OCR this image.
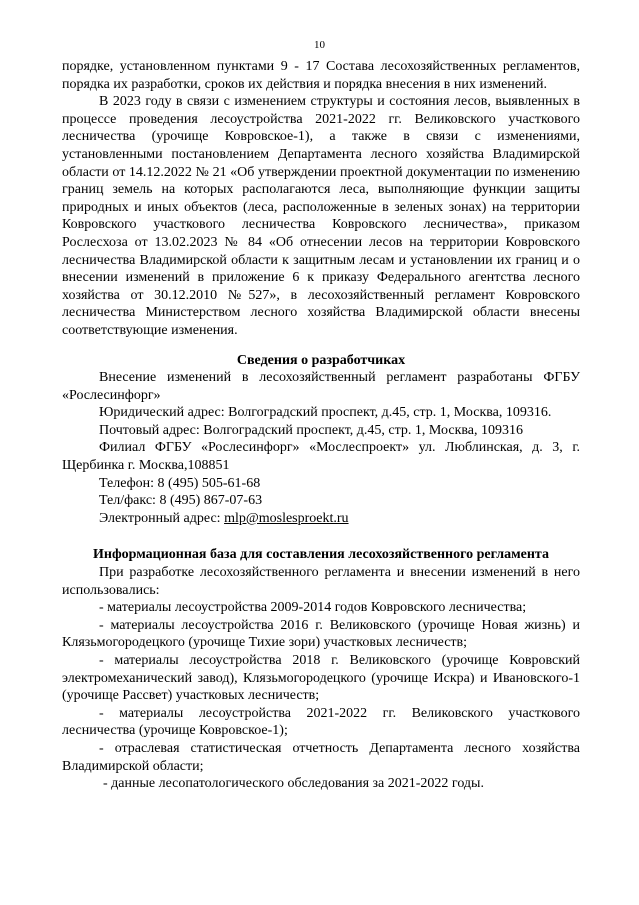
10

порядке, установленном пунктами 9 - 17 Состава лесохозяйственных регламентов, порядка их разработки, сроков их действия и порядка внесения в них изменений.

В 2023 году в связи с изменением структуры и состояния лесов, выявленных в процессе проведения лесоустройства 2021-2022 гг. Великовского участкового лесничества (урочище Ковровское-1), а также в связи с изменениями, установленными постановлением Департамента лесного хозяйства Владимирской области от 14.12.2022 № 21 «Об утверждении проектной документации по изменению границ земель на которых располагаются леса, выполняющие функции защиты природных и иных объектов (леса, расположенные в зеленых зонах) на территории Ковровского участкового лесничества Ковровского лесничества», приказом Рослесхоза от 13.02.2023 № 84 «Об отнесении лесов на территории Ковровского лесничества Владимирской области к защитным лесам и установлении их границ и о внесении изменений в приложение 6 к приказу Федерального агентства лесного хозяйства от 30.12.2010 №527», в лесохозяйственный регламент Ковровского лесничества Министерством лесного хозяйства Владимирской области внесены соответствующие изменения.

Сведения о разработчиках

Внесение изменений в лесохозяйственный регламент разработаны ФГБУ «Рослесинфорг»

Юридический адрес: Волгоградский проспект, д.45, стр. 1, Москва, 109316.

Почтовый адрес: Волгоградский проспект, д.45, стр. 1, Москва, 109316

Филиал ФГБУ «Рослесинфорг» «Мослеспроект» ул. Люблинская, д. 3, г. Щербинка г. Москва,108851

Телефон: 8 (495) 505-61-68

Тел/факс: 8 (495) 867-07-63

Электронный адрес: mlp@moslesproekt.ru

Информационная база для составления лесохозяйственного регламента

При разработке лесохозяйственного регламента и внесении изменений в него использовались:

- материалы лесоустройства 2009-2014 годов Ковровского лесничества;

- материалы лесоустройства 2016 г. Великовского (урочище Новая жизнь) и Клязьмогородецкого (урочище Тихие зори) участковых лесничеств;

- материалы лесоустройства 2018 г. Великовского (урочище Ковровский электромеханический завод), Клязьмогородецкого (урочище Искра) и Ивановского-1 (урочище Рассвет) участковых лесничеств;

- материалы лесоустройства 2021-2022 гг. Великовского участкового лесничества (урочище Ковровское-1);

- отраслевая статистическая отчетность Департамента лесного хозяйства Владимирской области;

- данные лесопатологического обследования за 2021-2022 годы.
